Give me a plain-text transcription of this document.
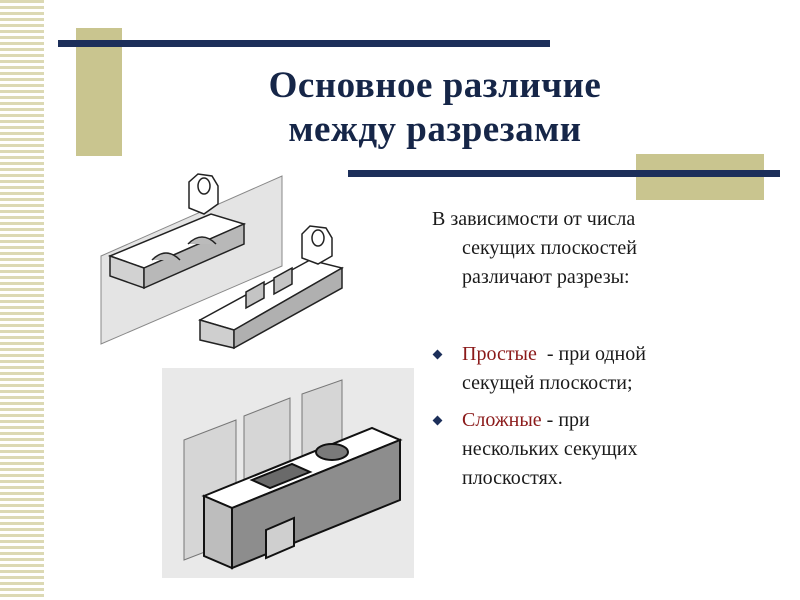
Основное различие
между разрезами
В зависимости от числа
секущих плоскостей
различают разрезы:
Простые  - при одной
секущей плоскости;
Сложные - при
нескольких секущих
плоскостях.
